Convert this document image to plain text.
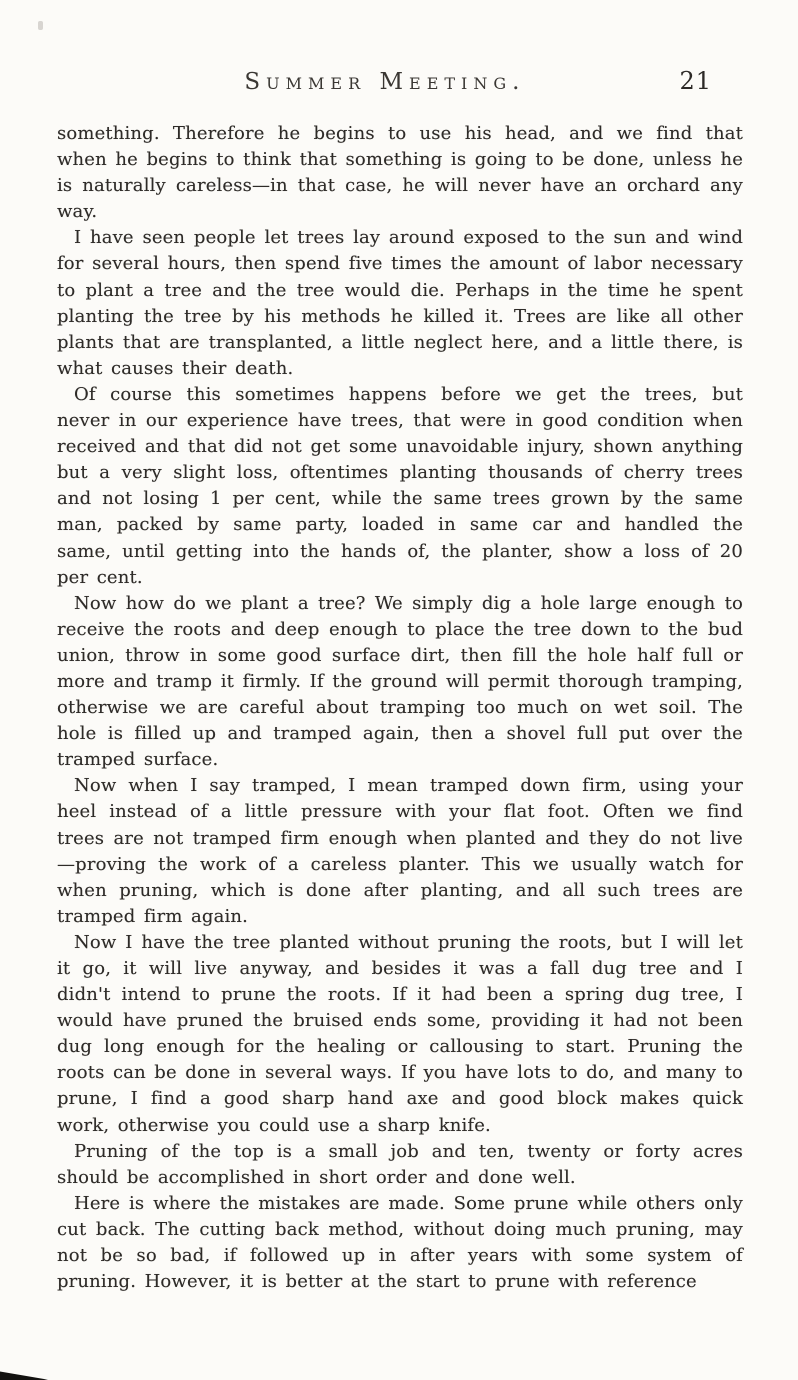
Summer Meeting.	21

something. Therefore he begins to use his head, and we find that when he begins to think that something is going to be done, unless he is naturally careless—in that case, he will never have an orchard any way.

I have seen people let trees lay around exposed to the sun and wind for several hours, then spend five times the amount of labor necessary to plant a tree and the tree would die. Perhaps in the time he spent planting the tree by his methods he killed it. Trees are like all other plants that are transplanted, a little neglect here, and a little there, is what causes their death.

Of course this sometimes happens before we get the trees, but never in our experience have trees, that were in good condition when received and that did not get some unavoidable injury, shown anything but a very slight loss, oftentimes planting thousands of cherry trees and not losing 1 per cent, while the same trees grown by the same man, packed by same party, loaded in same car and handled the same, until getting into the hands of, the planter, show a loss of 20 per cent.

Now how do we plant a tree? We simply dig a hole large enough to receive the roots and deep enough to place the tree down to the bud union, throw in some good surface dirt, then fill the hole half full or more and tramp it firmly. If the ground will permit thorough tramping, otherwise we are careful about tramping too much on wet soil. The hole is filled up and tramped again, then a shovel full put over the tramped surface.

Now when I say tramped, I mean tramped down firm, using your heel instead of a little pressure with your flat foot. Often we find trees are not tramped firm enough when planted and they do not live—proving the work of a careless planter. This we usually watch for when pruning, which is done after planting, and all such trees are tramped firm again.

Now I have the tree planted without pruning the roots, but I will let it go, it will live anyway, and besides it was a fall dug tree and I didn't intend to prune the roots. If it had been a spring dug tree, I would have pruned the bruised ends some, providing it had not been dug long enough for the healing or callousing to start. Pruning the roots can be done in several ways. If you have lots to do, and many to prune, I find a good sharp hand axe and good block makes quick work, otherwise you could use a sharp knife.

Pruning of the top is a small job and ten, twenty or forty acres should be accomplished in short order and done well.

Here is where the mistakes are made. Some prune while others only cut back. The cutting back method, without doing much pruning, may not be so bad, if followed up in after years with some system of pruning. However, it is better at the start to prune with reference
